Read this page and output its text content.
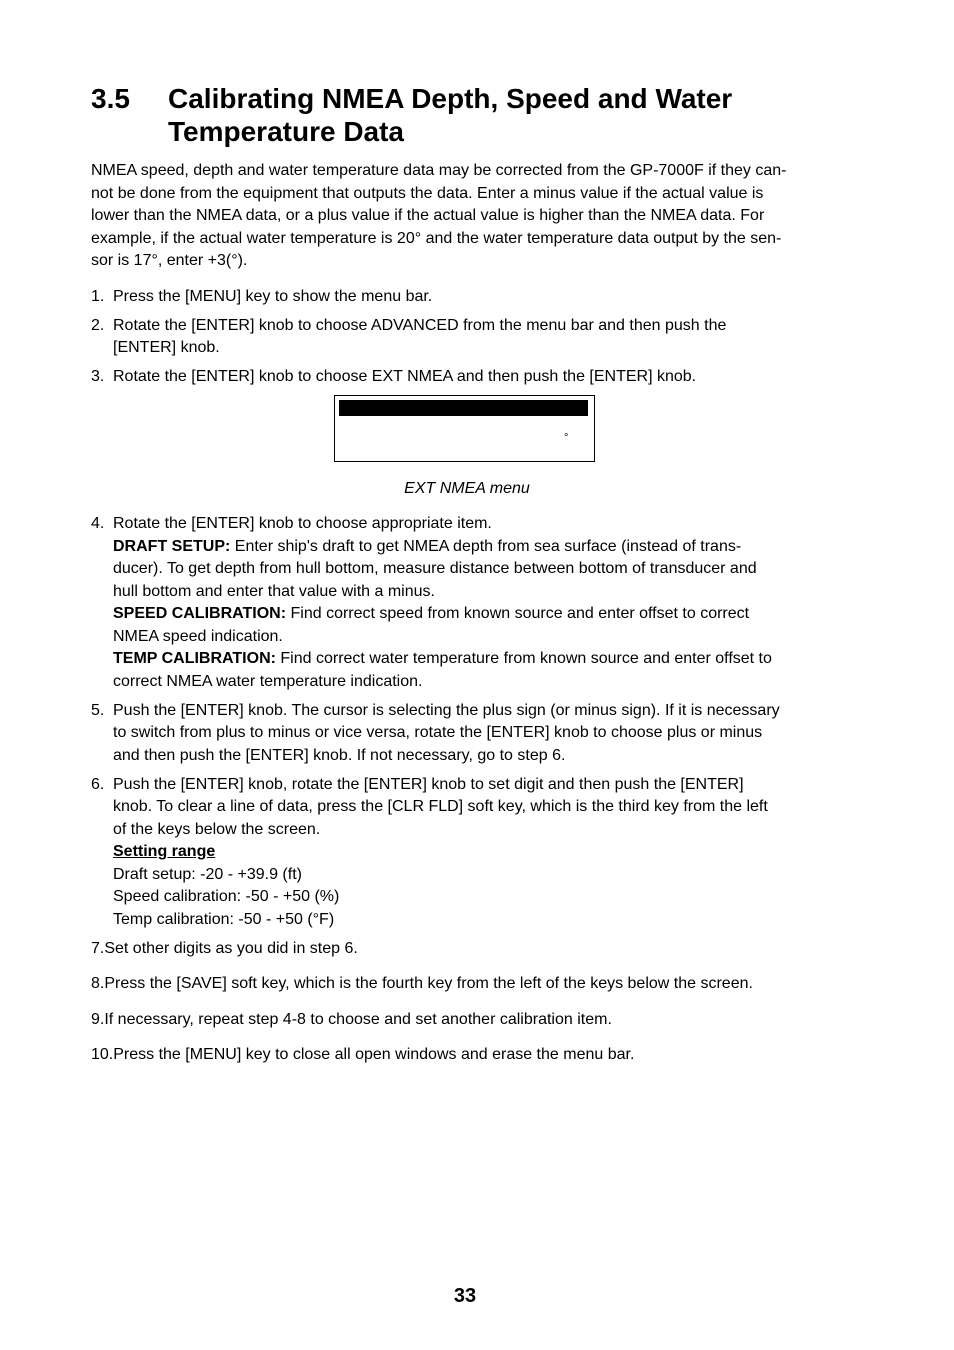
3.5	Calibrating NMEA Depth, Speed and Water
Temperature Data

NMEA speed, depth and water temperature data may be corrected from the GP-7000F if they can-
not be done from the equipment that outputs the data. Enter a minus value if the actual value is
lower than the NMEA data, or a plus value if the actual value is higher than the NMEA data. For
example, if the actual water temperature is 20° and the water temperature data output by the sen-
sor is 17°, enter +3(°).

1. Press the [MENU] key to show the menu bar.
2. Rotate the [ENTER] knob to choose ADVANCED from the menu bar and then push the
[ENTER] knob.
3. Rotate the [ENTER] knob to choose EXT NMEA and then push the [ENTER] knob.
°

EXT NMEA menu

4. Rotate the [ENTER] knob to choose appropriate item.
DRAFT SETUP: Enter ship's draft to get NMEA depth from sea surface (instead of trans-
ducer). To get depth from hull bottom, measure distance between bottom of transducer and
hull bottom and enter that value with a minus.
SPEED CALIBRATION: Find correct speed from known source and enter offset to correct
NMEA speed indication.
TEMP CALIBRATION: Find correct water temperature from known source and enter offset to
correct NMEA water temperature indication.
5. Push the [ENTER] knob. The cursor is selecting the plus sign (or minus sign). If it is necessary
to switch from plus to minus or vice versa, rotate the [ENTER] knob to choose plus or minus
and then push the [ENTER] knob. If not necessary, go to step 6.
6. Push the [ENTER] knob, rotate the [ENTER] knob to set digit and then push the [ENTER]
knob. To clear a line of data, press the [CLR FLD] soft key, which is the third key from the left
of the keys below the screen.
Setting range
Draft setup: -20 - +39.9 (ft)
Speed calibration: -50 - +50 (%)
Temp calibration: -50 - +50 (°F)

7.Set other digits as you did in step 6.

8.Press the [SAVE] soft key, which is the fourth key from the left of the keys below the screen.

9.If necessary, repeat step 4-8 to choose and set another calibration item.

10.Press the [MENU] key to close all open windows and erase the menu bar.

33
